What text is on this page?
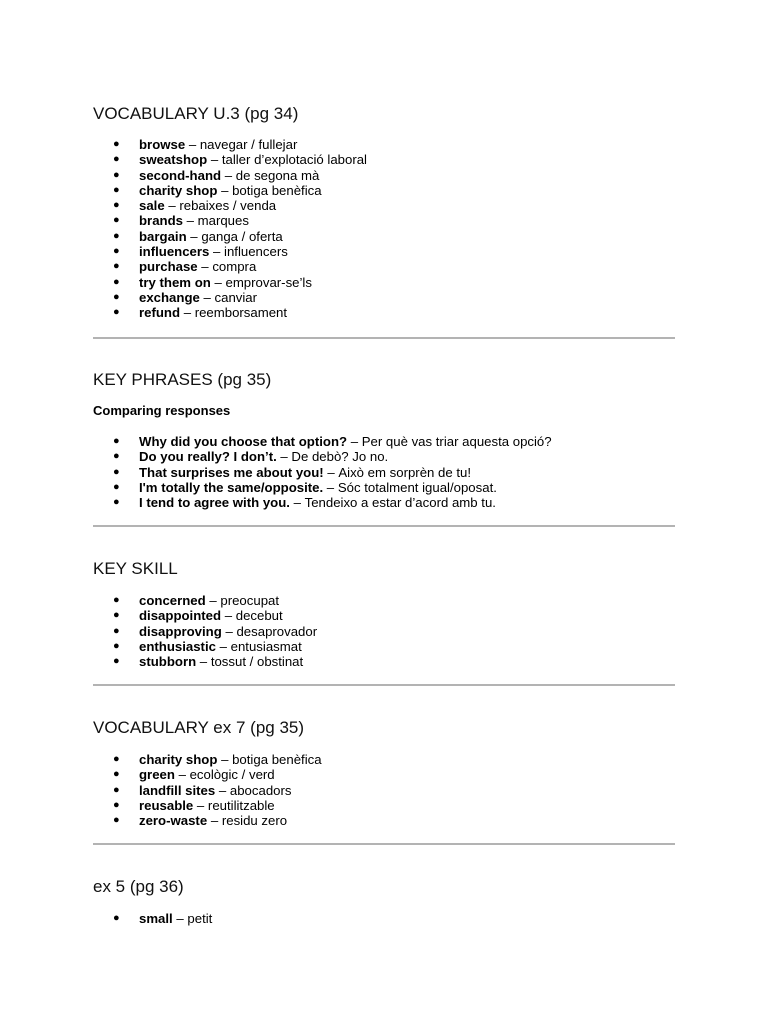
VOCABULARY U.3 (pg 34)
●	browse – navegar / fullejar
●	sweatshop – taller d’explotació laboral
●	second-hand – de segona mà
●	charity shop – botiga benèfica
●	sale – rebaixes / venda
●	brands – marques
●	bargain – ganga / oferta
●	influencers – influencers
●	purchase – compra
●	try them on – emprovar-se’ls
●	exchange – canviar
●	refund – reemborsament
KEY PHRASES (pg 35)
Comparing responses
●	Why did you choose that option? – Per què vas triar aquesta opció?
●	Do you really? I don’t. – De debò? Jo no.
●	That surprises me about you! – Això em sorprèn de tu!
●	I'm totally the same/opposite. – Sóc totalment igual/oposat.
●	I tend to agree with you. – Tendeixo a estar d’acord amb tu.
KEY SKILL
●	concerned – preocupat
●	disappointed – decebut
●	disapproving – desaprovador
●	enthusiastic – entusiasmat
●	stubborn – tossut / obstinat
VOCABULARY ex 7 (pg 35)
●	charity shop – botiga benèfica
●	green – ecològic / verd
●	landfill sites – abocadors
●	reusable – reutilitzable
●	zero-waste – residu zero
ex 5 (pg 36)
●	small – petit
